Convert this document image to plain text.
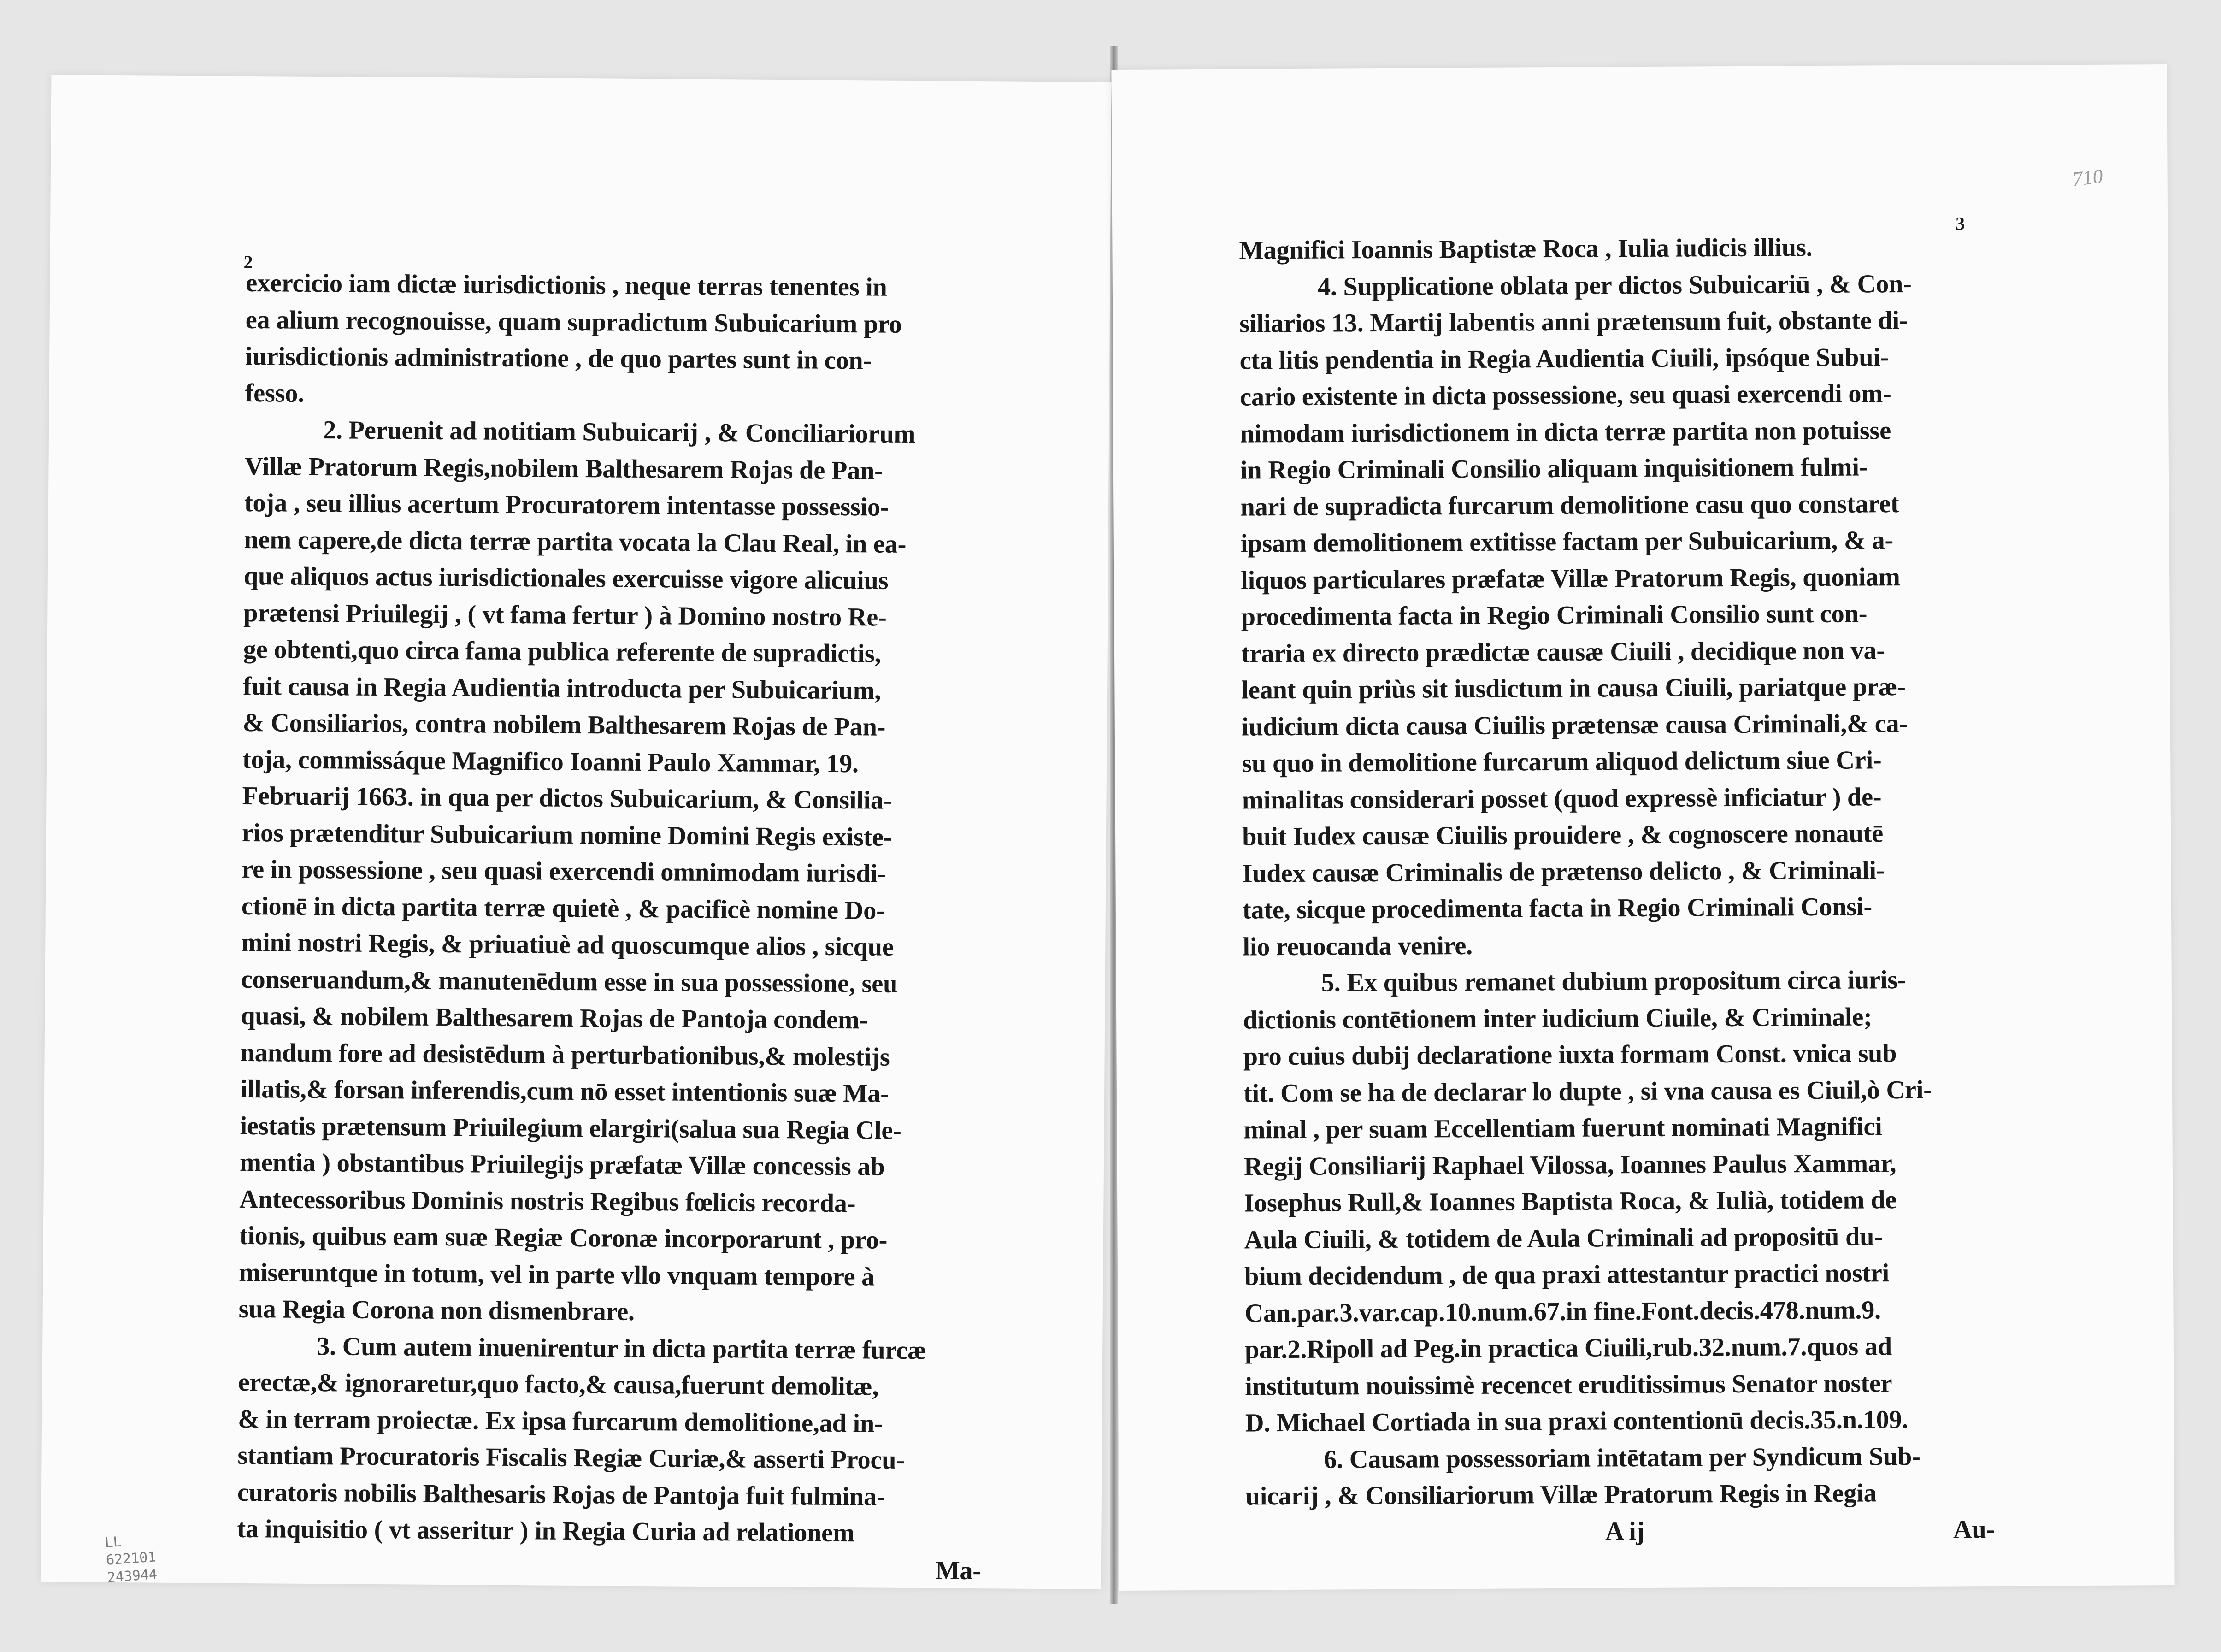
2

exercicio iam dictæ iurisdictionis , neque terras tenentes in

ea alium recognouisse, quam supradictum Subuicarium pro

iurisdictionis administratione , de quo partes sunt in con-

fesso.

2. Peruenit ad notitiam Subuicarij , & Conciliariorum

Villæ Pratorum Regis,nobilem Balthesarem Rojas de Pan-

toja , seu illius acertum Procuratorem intentasse possessio-

nem capere,de dicta terræ partita vocata la Clau Real, in ea-

que aliquos actus iurisdictionales exercuisse vigore alicuius

prætensi Priuilegij , ( vt fama fertur ) à Domino nostro Re-

ge obtenti,quo circa fama publica referente de supradictis,

fuit causa in Regia Audientia introducta per Subuicarium,

& Consiliarios, contra nobilem Balthesarem Rojas de Pan-

toja, commissáque Magnifico Ioanni Paulo Xammar, 19.

Februarij 1663. in qua per dictos Subuicarium, & Consilia-

rios prætenditur Subuicarium nomine Domini Regis existe-

re in possessione , seu quasi exercendi omnimodam iurisdi-

ctionē in dicta partita terræ quietè , & pacificè nomine Do-

mini nostri Regis, & priuatiuè ad quoscumque alios , sicque

conseruandum,& manutenēdum esse in sua possessione, seu

quasi, & nobilem Balthesarem Rojas de Pantoja condem-

nandum fore ad desistēdum à perturbationibus,& molestijs

illatis,& forsan inferendis,cum nō esset intentionis suæ Ma-

iestatis prætensum Priuilegium elargiri(salua sua Regia Cle-

mentia ) obstantibus Priuilegijs præfatæ Villæ concessis ab

Antecessoribus Dominis nostris Regibus fœlicis recorda-

tionis, quibus eam suæ Regiæ Coronæ incorporarunt , pro-

miseruntque in totum, vel in parte vllo vnquam tempore à

sua Regia Corona non dismenbrare.

3. Cum autem inuenirentur in dicta partita terræ furcæ

erectæ,& ignoraretur,quo facto,& causa,fuerunt demolitæ,

& in terram proiectæ. Ex ipsa furcarum demolitione,ad in-

stantiam Procuratoris Fiscalis Regiæ Curiæ,& asserti Procu-

curatoris nobilis Balthesaris Rojas de Pantoja fuit fulmina-

ta inquisitio ( vt asseritur ) in Regia Curia ad relationem

Ma-

710
3

Magnifici Ioannis Baptistæ Roca , Iulia iudicis illius.

4. Supplicatione oblata per dictos Subuicariū , & Con-

siliarios 13. Martij labentis anni prætensum fuit, obstante di-

cta litis pendentia in Regia Audientia Ciuili, ipsóque Subui-

cario existente in dicta possessione, seu quasi exercendi om-

nimodam iurisdictionem in dicta terræ partita non potuisse

in Regio Criminali Consilio aliquam inquisitionem fulmi-

nari de supradicta furcarum demolitione casu quo constaret

ipsam demolitionem extitisse factam per Subuicarium, & a-

liquos particulares præfatæ Villæ Pratorum Regis, quoniam

procedimenta facta in Regio Criminali Consilio sunt con-

traria ex directo prædictæ causæ Ciuili , decidique non va-

leant quin priùs sit iusdictum in causa Ciuili, pariatque præ-

iudicium dicta causa Ciuilis prætensæ causa Criminali,& ca-

su quo in demolitione furcarum aliquod delictum siue Cri-

minalitas considerari posset (quod expressè inficiatur ) de-

buit Iudex causæ Ciuilis prouidere , & cognoscere nonautē

Iudex causæ Criminalis de prætenso delicto , & Criminali-

tate, sicque procedimenta facta in Regio Criminali Consi-

lio reuocanda venire.

5. Ex quibus remanet dubium propositum circa iuris-

dictionis contētionem inter iudicium Ciuile, & Criminale;

pro cuius dubij declaratione iuxta formam Const. vnica sub

tit. Com se ha de declarar lo dupte , si vna causa es Ciuil,ò Cri-

minal , per suam Eccellentiam fuerunt nominati Magnifici

Regij Consiliarij Raphael Vilossa, Ioannes Paulus Xammar,

Iosephus Rull,& Ioannes Baptista Roca, & Iulià, totidem de

Aula Ciuili, & totidem de Aula Criminali ad propositū du-

bium decidendum , de qua praxi attestantur practici nostri

Can.par.3.var.cap.10.num.67.in fine.Font.decis.478.num.9.

par.2.Ripoll ad Peg.in practica Ciuili,rub.32.num.7.quos ad

institutum nouissimè recencet eruditissimus Senator noster

D. Michael Cortiada in sua praxi contentionū decis.35.n.109.

6. Causam possessoriam intētatam per Syndicum Sub-

uicarij , & Consiliariorum Villæ Pratorum Regis in Regia

A ij	Au-

LL
622101
243944
